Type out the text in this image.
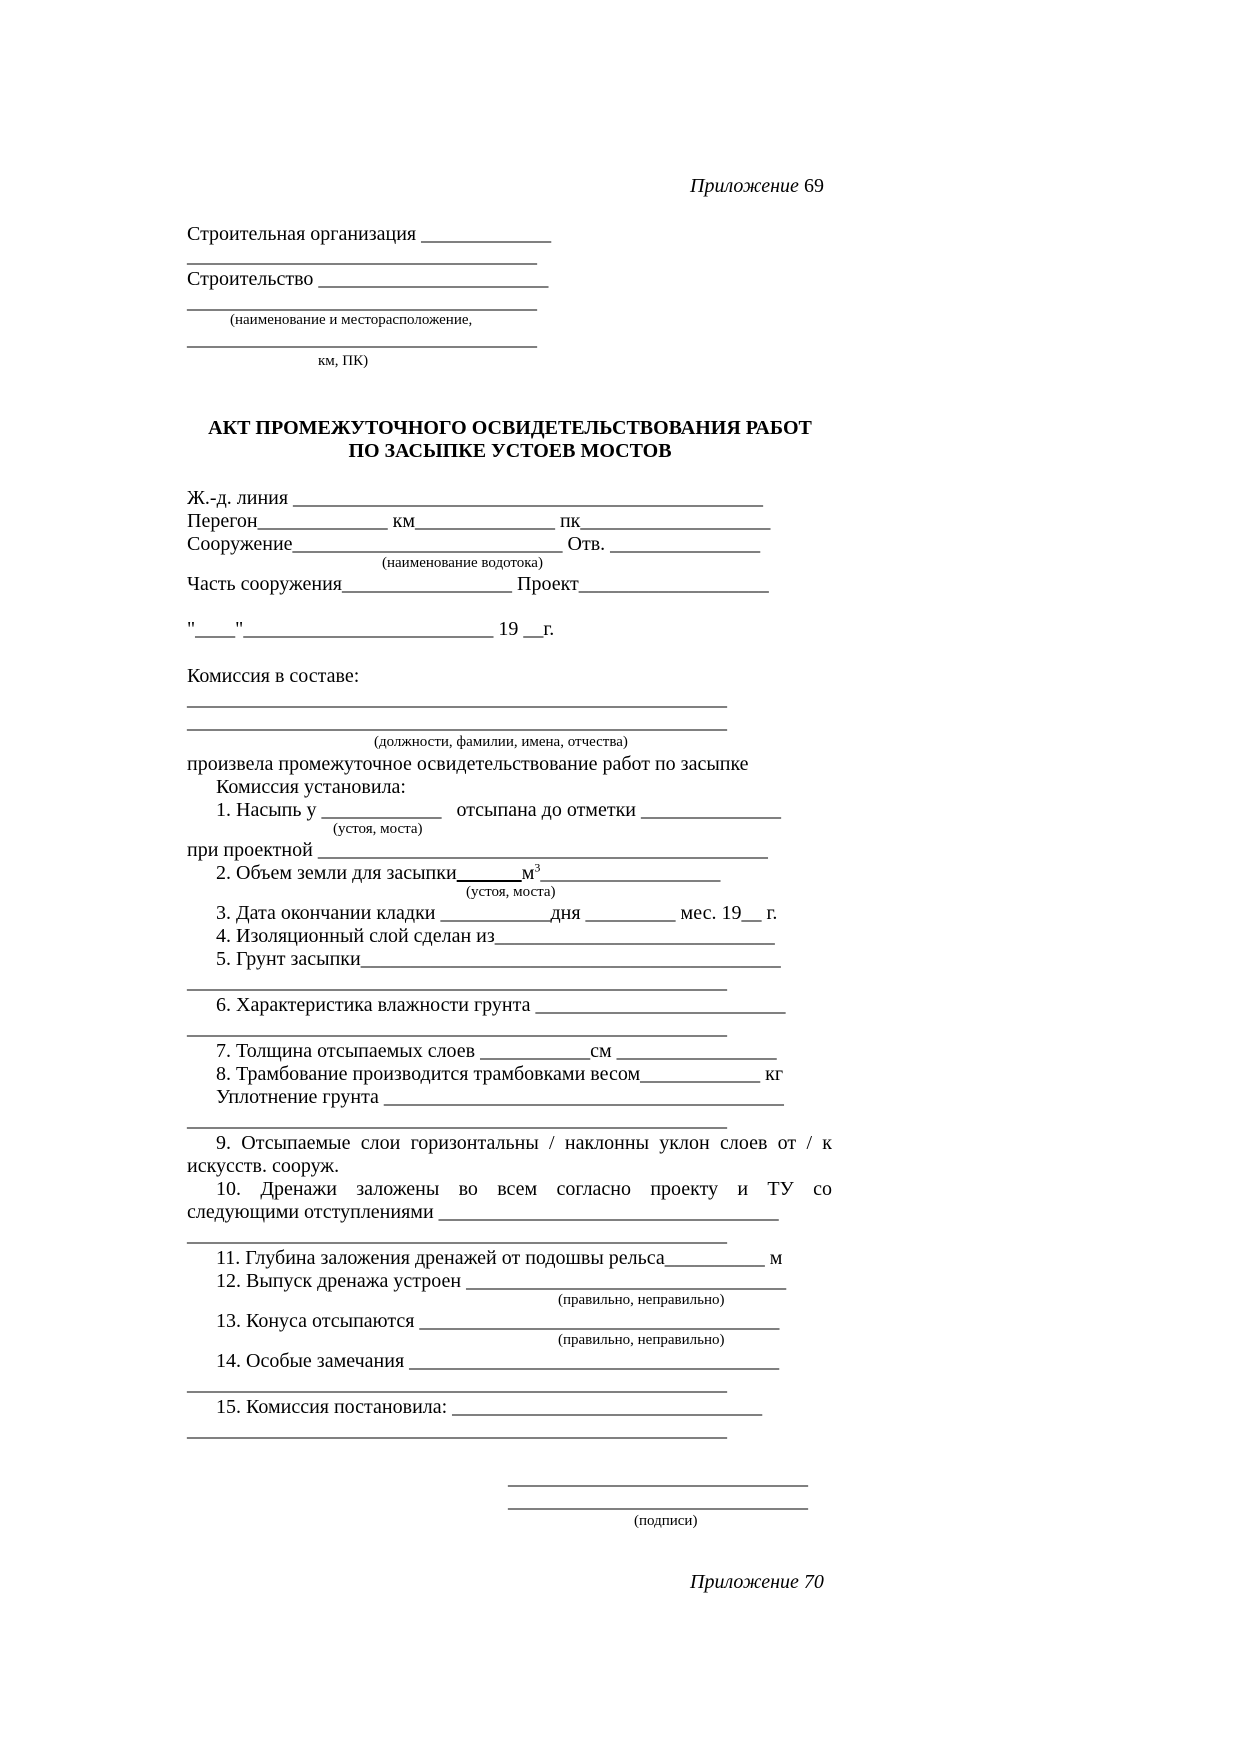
Приложение 69
Строительная организация _____________
___________________________________
Строительство _______________________
___________________________________
(наименование и месторасположение,
___________________________________
км, ПК)
АКТ ПРОМЕЖУТОЧНОГО ОСВИДЕТЕЛЬСТВОВАНИЯ РАБОТ
ПО ЗАСЫПКЕ УСТОЕВ МОСТОВ
Ж.-д. линия _______________________________________________
Перегон_____________ км______________ пк___________________
Сооружение___________________________ Отв. _______________
(наименование водотока)
Часть сооружения_________________ Проект___________________
"____"_________________________ 19 __г.
Комиссия в составе:
______________________________________________________
______________________________________________________
(должности, фамилии, имена, отчества)
произвела промежуточное освидетельствование работ по засыпке
Комиссия установила:
1. Насыпь у ____________   отсыпана до отметки ______________
(устоя, моста)
при проектной _____________________________________________
2. Объем земли для засыпки	$м^3\_\_\_\_\_\_\_\_\_\_\_\_\_\_\_\_\_\_$
(устоя, моста)
3. Дата окончании кладки ___________дня _________ мес. 19__ г.
4. Изоляционный слой сделан из____________________________
5. Грунт засыпки__________________________________________
______________________________________________________
6. Характеристика влажности грунта _________________________
______________________________________________________
7. Толщина отсыпаемых слоев ___________см ________________
8. Трамбование производится трамбовками весом____________ кг
Уплотнение грунта ________________________________________
______________________________________________________
9. Отсыпаемые слои горизонтальны / наклонны уклон слоев от / к
искусств. сооруж.
10. Дренажи заложены во всем согласно проекту и ТУ со
следующими отступлениями __________________________________
______________________________________________________
11. Глубина заложения дренажей от подошвы рельса__________ м
12. Выпуск дренажа устроен ________________________________
(правильно, неправильно)
13. Конуса отсыпаются ____________________________________
(правильно, неправильно)
14. Особые замечания _____________________________________
______________________________________________________
15. Комиссия постановила: _______________________________
______________________________________________________
______________________________
______________________________
(подписи)
Приложение 70
